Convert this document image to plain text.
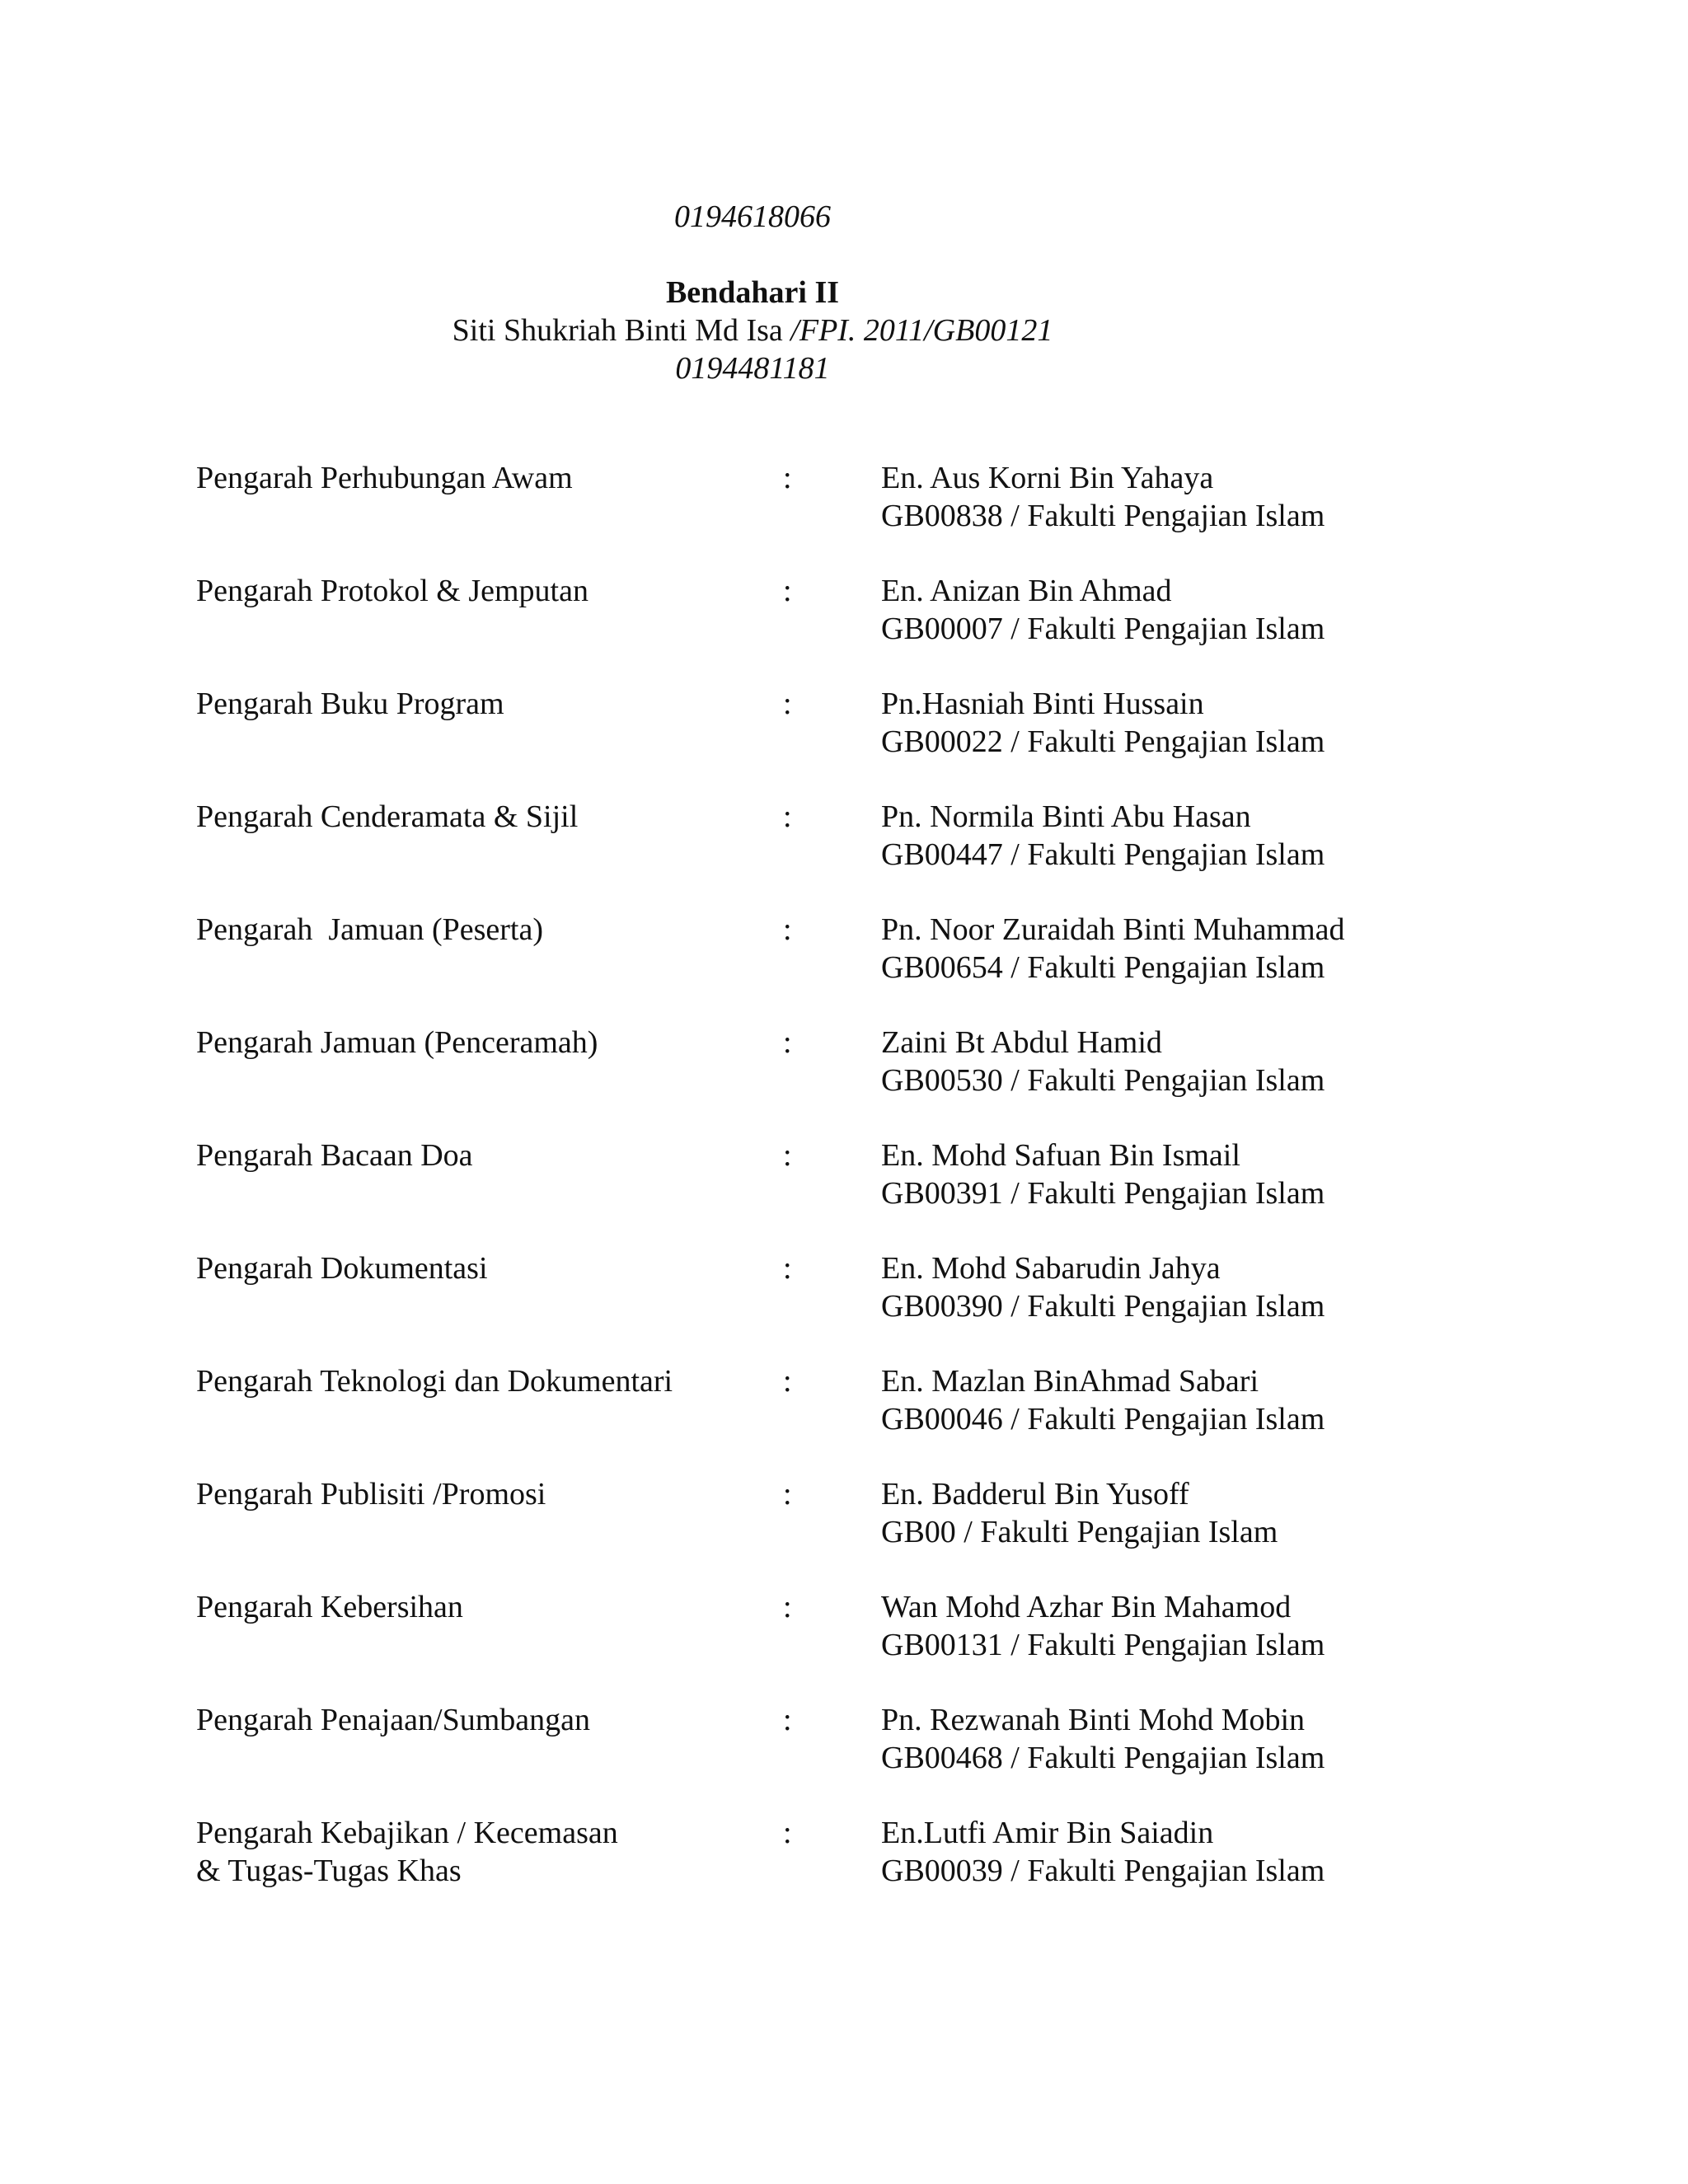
0194618066
Bendahari II
Siti Shukriah Binti Md Isa /FPI. 2011/GB00121
0194481181
Pengarah Perhubungan Awam	:	En. Aus Korni Bin Yahaya
GB00838 / Fakulti Pengajian Islam
Pengarah Protokol & Jemputan	:	En. Anizan Bin Ahmad
GB00007 / Fakulti Pengajian Islam
Pengarah Buku Program	:	Pn.Hasniah Binti Hussain
GB00022 / Fakulti Pengajian Islam
Pengarah Cenderamata & Sijil	:	Pn. Normila Binti Abu Hasan
GB00447 / Fakulti Pengajian Islam
Pengarah  Jamuan (Peserta)	:	Pn. Noor Zuraidah Binti Muhammad
GB00654 / Fakulti Pengajian Islam
Pengarah Jamuan (Penceramah)	:	Zaini Bt Abdul Hamid
GB00530 / Fakulti Pengajian Islam
Pengarah Bacaan Doa	:	En. Mohd Safuan Bin Ismail
GB00391 / Fakulti Pengajian Islam
Pengarah Dokumentasi	:	En. Mohd Sabarudin Jahya
GB00390 / Fakulti Pengajian Islam
Pengarah Teknologi dan Dokumentari	:	En. Mazlan BinAhmad Sabari
GB00046 / Fakulti Pengajian Islam
Pengarah Publisiti /Promosi	:	En. Badderul Bin Yusoff
GB00 / Fakulti Pengajian Islam
Pengarah Kebersihan	:	Wan Mohd Azhar Bin Mahamod
GB00131 / Fakulti Pengajian Islam
Pengarah Penajaan/Sumbangan	:	Pn. Rezwanah Binti Mohd Mobin
GB00468 / Fakulti Pengajian Islam
Pengarah Kebajikan / Kecemasan
& Tugas-Tugas Khas
:	En.Lutfi Amir Bin Saiadin
GB00039 / Fakulti Pengajian Islam
